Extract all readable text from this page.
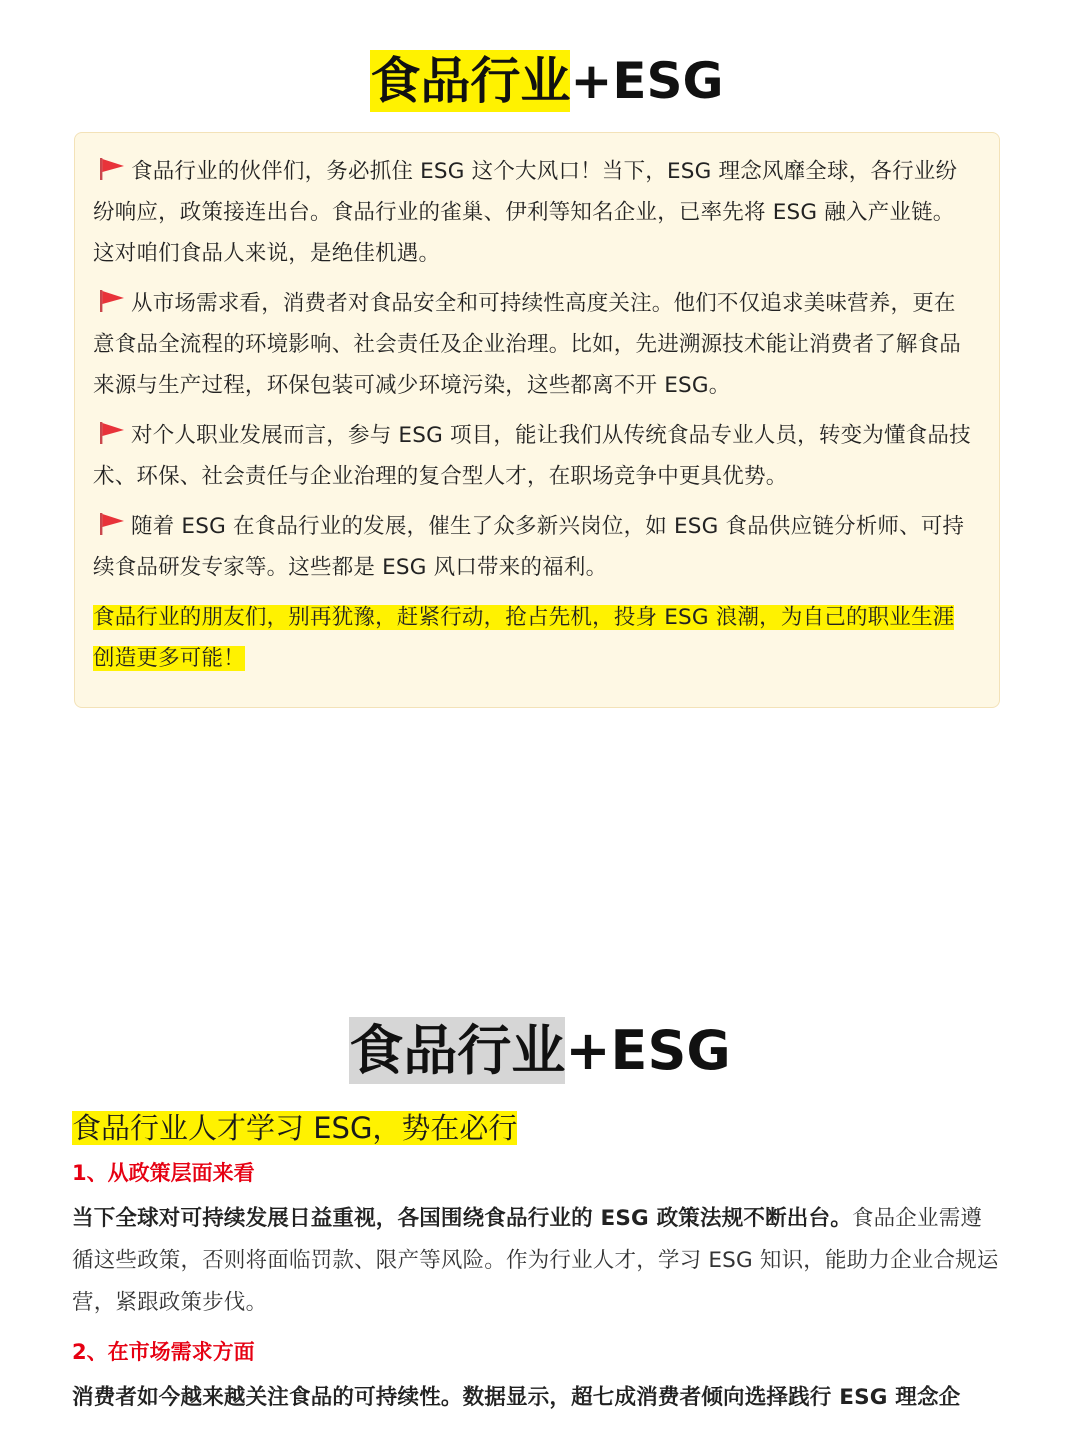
食品行业+ESG

食品行业的伙伴们，务必抓住 ESG 这个大风口！当下，ESG 理念风靡全球，各行业纷纷响应，政策接连出台。食品行业的雀巢、伊利等知名企业，已率先将 ESG 融入产业链。这对咱们食品人来说，是绝佳机遇。

从市场需求看，消费者对食品安全和可持续性高度关注。他们不仅追求美味营养，更在意食品全流程的环境影响、社会责任及企业治理。比如，先进溯源技术能让消费者了解食品来源与生产过程，环保包装可减少环境污染，这些都离不开 ESG。

对个人职业发展而言，参与 ESG 项目，能让我们从传统食品专业人员，转变为懂食品技术、环保、社会责任与企业治理的复合型人才，在职场竞争中更具优势。

随着 ESG 在食品行业的发展，催生了众多新兴岗位，如 ESG 食品供应链分析师、可持续食品研发专家等。这些都是 ESG 风口带来的福利。

食品行业的朋友们，别再犹豫，赶紧行动，抢占先机，投身 ESG 浪潮，为自己的职业生涯创造更多可能！

食品行业+ESG
食品行业人才学习 ESG，势在必行
1、从政策层面来看
当下全球对可持续发展日益重视，各国围绕食品行业的 ESG 政策法规不断出台。食品企业需遵循这些政策，否则将面临罚款、限产等风险。作为行业人才，学习 ESG 知识，能助力企业合规运营，紧跟政策步伐。
2、在市场需求方面
消费者如今越来越关注食品的可持续性。数据显示，超七成消费者倾向选择践行 ESG 理念企
